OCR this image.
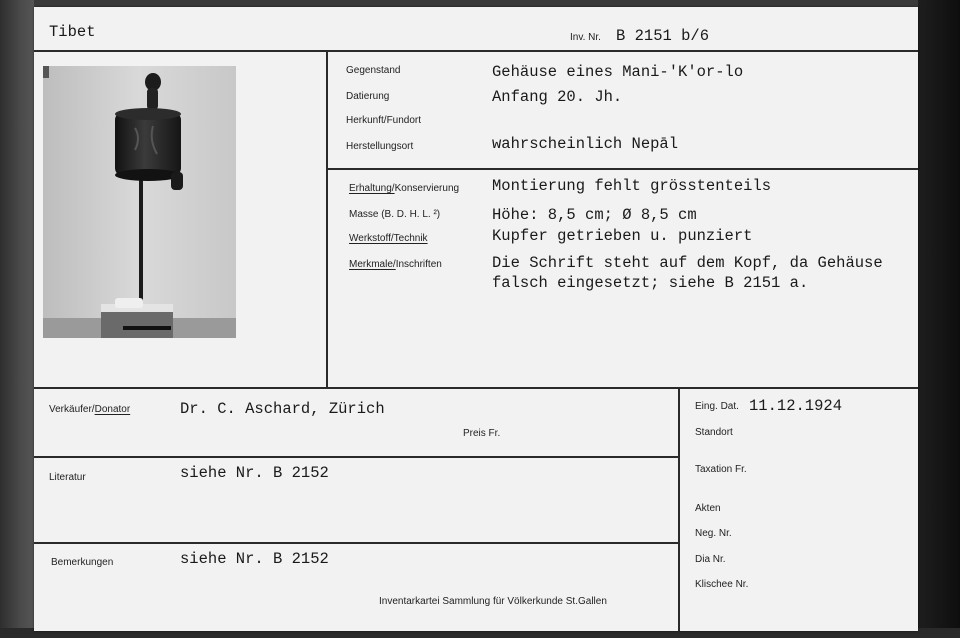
Tibet	Inv. Nr. B 2151 b/6
Gegenstand	Gehäuse eines Mani-'K'or-lo
Datierung	Anfang 20. Jh.
Herkunft/Fundort
Herstellungsort	wahrscheinlich Nepāl
Erhaltung/Konservierung Montierung fehlt grösstenteils
Masse (B. D. H. L. ²)	Höhe: 8,5 cm; Ø 8,5 cm
Werkstoff/Technik	Kupfer getrieben u. punziert
Merkmale/Inschriften	Die Schrift steht auf dem Kopf, da Gehäuse
falsch eingesetzt; siehe B 2151 a.
Verkäufer/Donator	Dr. C. Aschard, Zürich
Preis Fr.
Literatur	siehe Nr. B 2152
Bemerkungen	siehe Nr. B 2152
Inventarkartei Sammlung für Völkerkunde St.Gallen
Eing. Dat. 11.12.1924
Standort
Taxation Fr.
Akten
Neg. Nr.
Dia Nr.
Klischee Nr.
